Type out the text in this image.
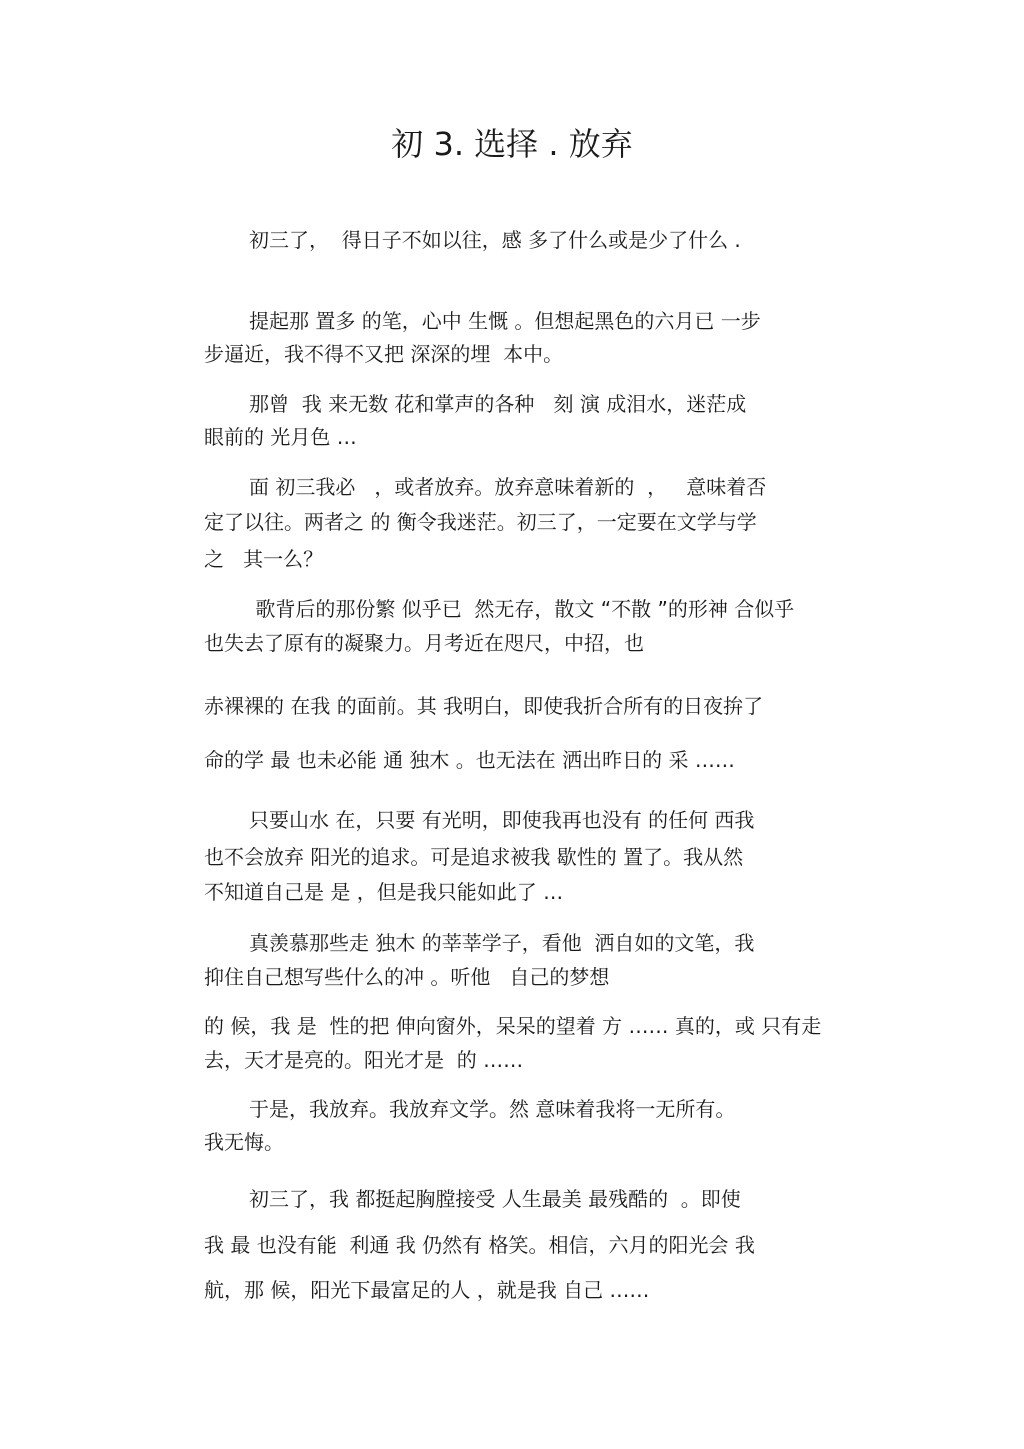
初 3. 选择 . 放弃
初三了，  得日子不如以往，感 多了什么或是少了什么 .
提起那 置多 的笔，心中 生慨 。但想起黑色的六月已 一步
步逼近，我不得不又把 深深的埋  本中。
那曾  我 来无数 花和掌声的各种   刻 演 成泪水，迷茫成
眼前的 光月色 …
面 初三我必   ，或者放弃。放弃意味着新的  ，   意味着否
定了以往。两者之 的 衡令我迷茫。初三了，一定要在文学与学
之   其一么？
歌背后的那份繁 似乎已  然无存，散文 “不散 ”的形神 合似乎
也失去了原有的凝聚力。月考近在咫尺，中招，也
赤裸裸的 在我 的面前。其 我明白，即使我折合所有的日夜拚了
命的学 最 也未必能 通 独木 。也无法在 洒出昨日的 采 ……
只要山水 在，只要 有光明，即使我再也没有 的任何 西我
也不会放弃 阳光的追求。可是追求被我 歇性的 置了。我从然
不知道自己是 是 ，但是我只能如此了 …
真羡慕那些走 独木 的莘莘学子，看他  洒自如的文笔，我
抑住自己想写些什么的冲 。听他   自己的梦想
的 候，我 是  性的把 伸向窗外，呆呆的望着 方 …… 真的，或 只有走
去，天才是亮的。阳光才是  的 ……
于是，我放弃。我放弃文学。然 意味着我将一无所有。
我无悔。
初三了，我 都挺起胸膛接受 人生最美 最残酷的  。即使
我 最 也没有能  利通 我 仍然有 格笑。相信，六月的阳光会 我
航，那 候，阳光下最富足的人 ，就是我 自己 ……
